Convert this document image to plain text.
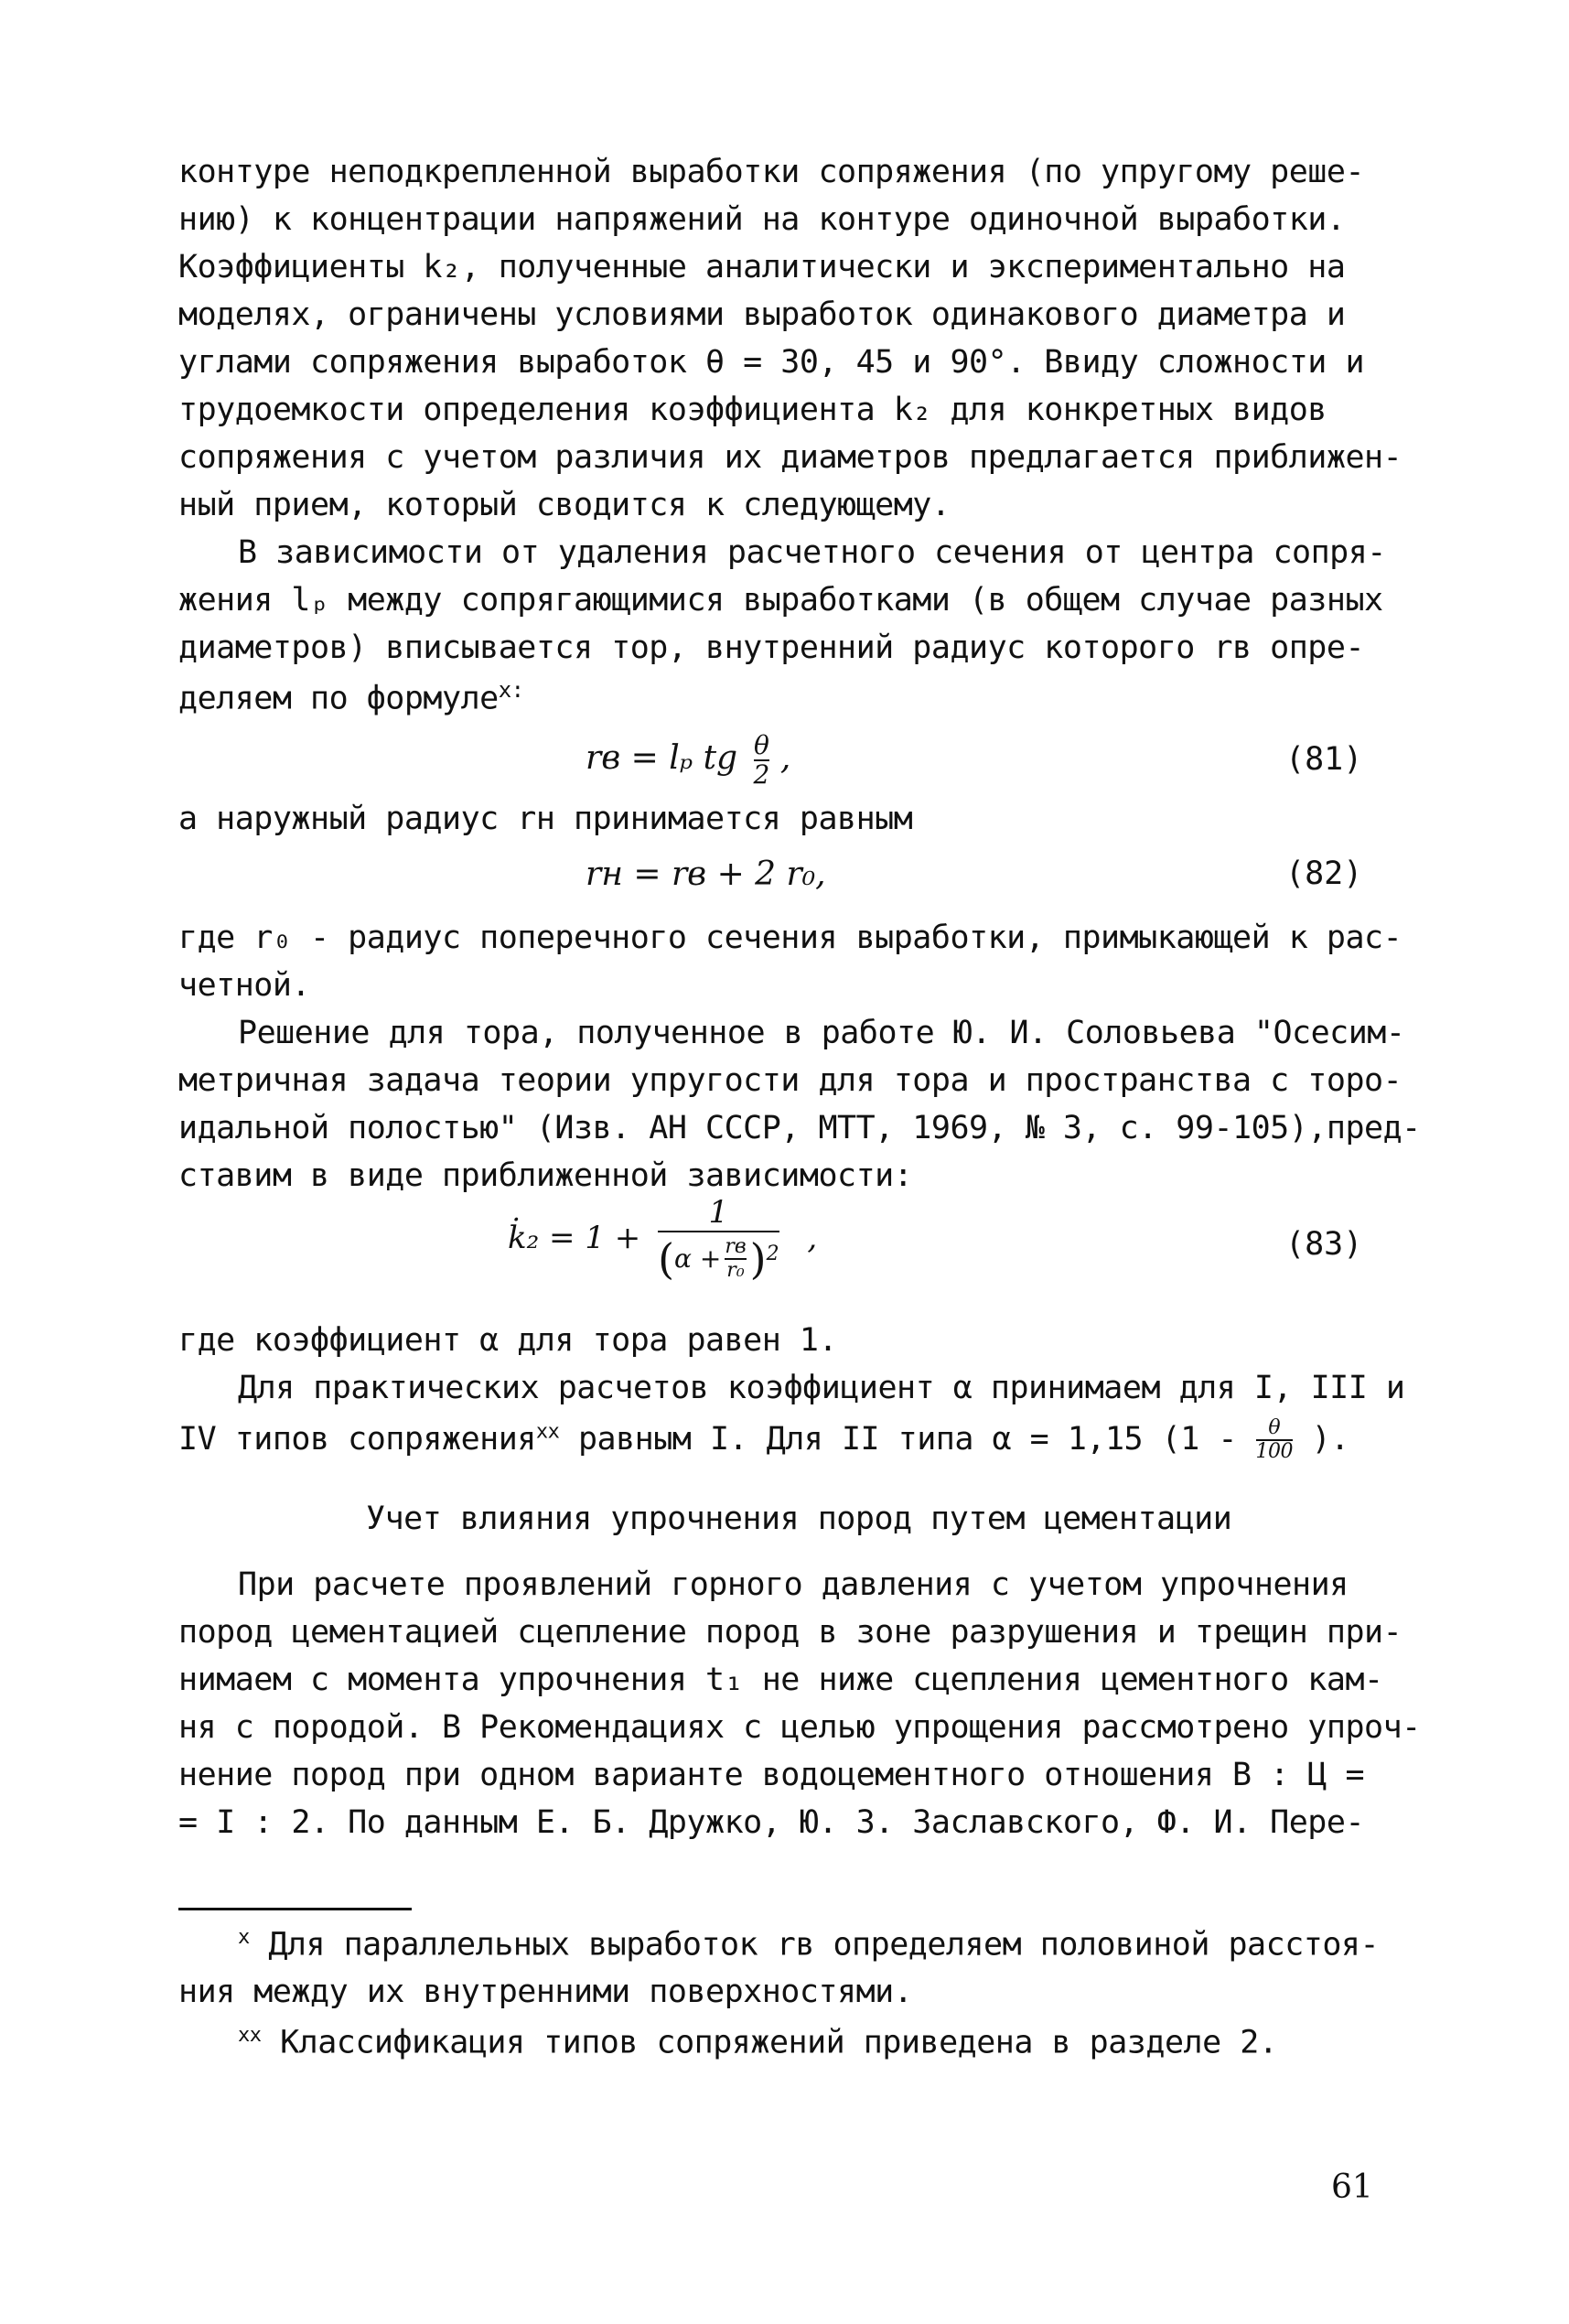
контуре неподкрепленной выработки сопряжения (по упругому реше-
нию) к концентрации напряжений на контуре одиночной выработки.
Коэффициенты k₂, полученные аналитически и экспериментально на
моделях, ограничены условиями выработок одинакового диаметра и
углами сопряжения выработок θ = 30, 45 и 90°. Ввиду сложности и
трудоемкости определения коэффициента k₂ для конкретных видов
сопряжения с учетом различия их диаметров предлагается приближен-
ный прием, который сводится к следующему.
В зависимости от удаления расчетного сечения от центра сопря-
жения lₚ между сопрягающимися выработками (в общем случае разных
диаметров) вписывается тор, внутренний радиус которого rв опре-
деляем по формуле$^{x:}$
rв = lₚ tg $\frac{\theta}{2}$ ,	(81)
а наружный радиус rн принимается равным
rн = rв + 2 r₀,	(82)
где r₀ - радиус поперечного сечения выработки, примыкающей к рас-
четной.
Решение для тора, полученное в работе Ю. И. Соловьева "Осесим-
метричная задача теории упругости для тора и пространства с торо-
идальной полостью" (Изв. АН СССР, МТТ, 1969, № 3, с. 99-105),пред-
ставим в виде приближенной зависимости:
k̇₂ = 1 +
1
(α + rв
r₀ )$^2$ ,	(83)
где коэффициент α для тора равен 1.
Для практических расчетов коэффициент α принимаем для I, III и
IV типов сопряжения$^{xx}$ равным I. Для II типа α = 1,15 ($1 - \frac{\theta}{100}$ ).
Учет влияния упрочнения пород путем цементации
При расчете проявлений горного давления с учетом упрочнения
пород цементацией сцепление пород в зоне разрушения и трещин при-
нимаем с момента упрочнения t₁ не ниже сцепления цементного кам-
ня с породой. В Рекомендациях с целью упрощения рассмотрено упроч-
нение пород при одном варианте водоцементного отношения В : Ц =
= I : 2. По данным Е. Б. Дружко, Ю. З. Заславского, Ф. И. Пере-
$^x$ Для параллельных выработок rв определяем половиной расстоя-
ния между их внутренними поверхностями.
$^{xx}$ Классификация типов сопряжений приведена в разделе 2.
61
